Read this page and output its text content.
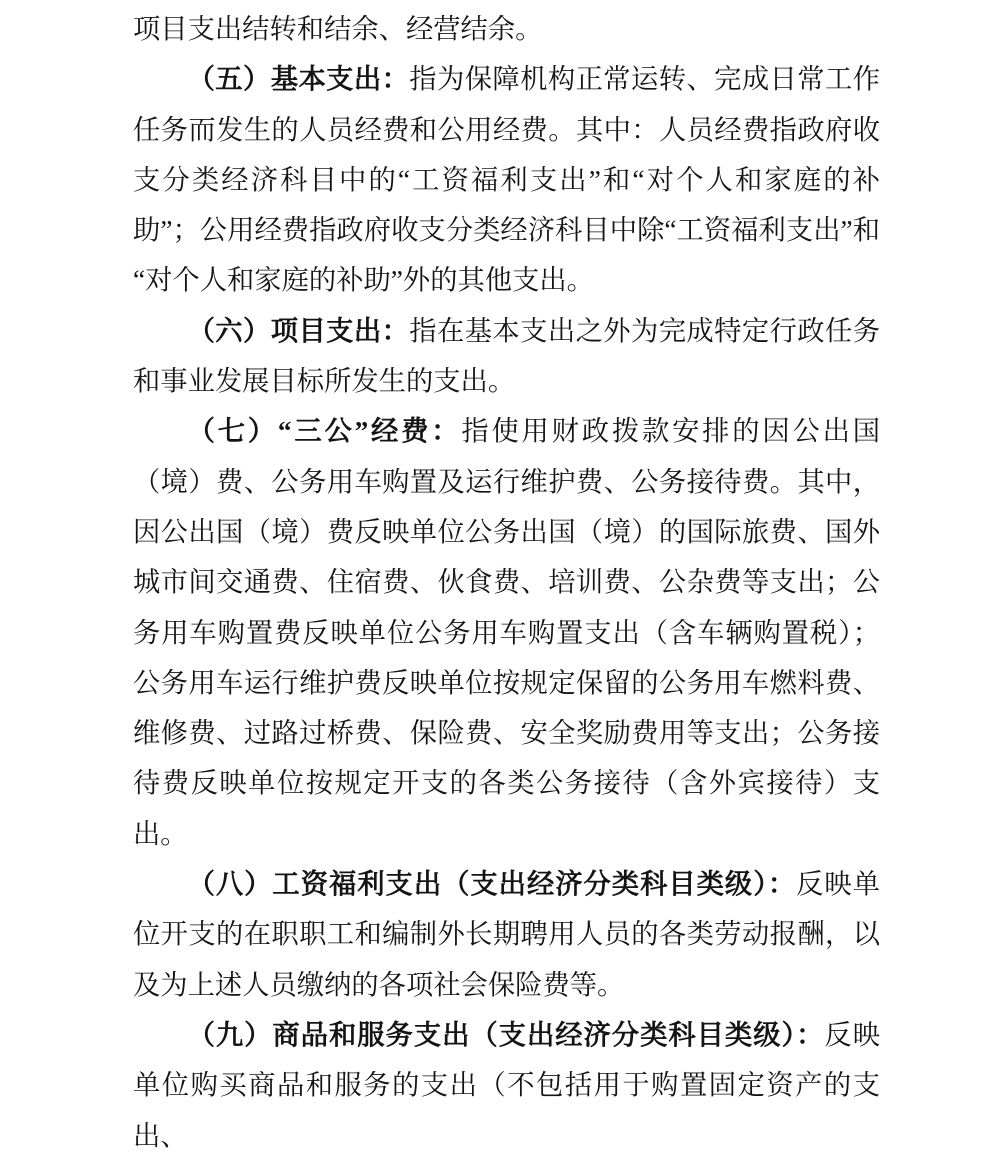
项目支出结转和结余、经营结余。

（五）基本支出：指为保障机构正常运转、完成日常工作任务而发生的人员经费和公用经费。其中：人员经费指政府收支分类经济科目中的“工资福利支出”和“对个人和家庭的补助”；公用经费指政府收支分类经济科目中除“工资福利支出”和“对个人和家庭的补助”外的其他支出。

（六）项目支出：指在基本支出之外为完成特定行政任务和事业发展目标所发生的支出。

（七）“三公”经费：指使用财政拨款安排的因公出国（境）费、公务用车购置及运行维护费、公务接待费。其中，因公出国（境）费反映单位公务出国（境）的国际旅费、国外城市间交通费、住宿费、伙食费、培训费、公杂费等支出；公务用车购置费反映单位公务用车购置支出（含车辆购置税）；公务用车运行维护费反映单位按规定保留的公务用车燃料费、维修费、过路过桥费、保险费、安全奖励费用等支出；公务接待费反映单位按规定开支的各类公务接待（含外宾接待）支出。

（八）工资福利支出（支出经济分类科目类级）：反映单位开支的在职职工和编制外长期聘用人员的各类劳动报酬，以及为上述人员缴纳的各项社会保险费等。

（九）商品和服务支出（支出经济分类科目类级）：反映单位购买商品和服务的支出（不包括用于购置固定资产的支出、
